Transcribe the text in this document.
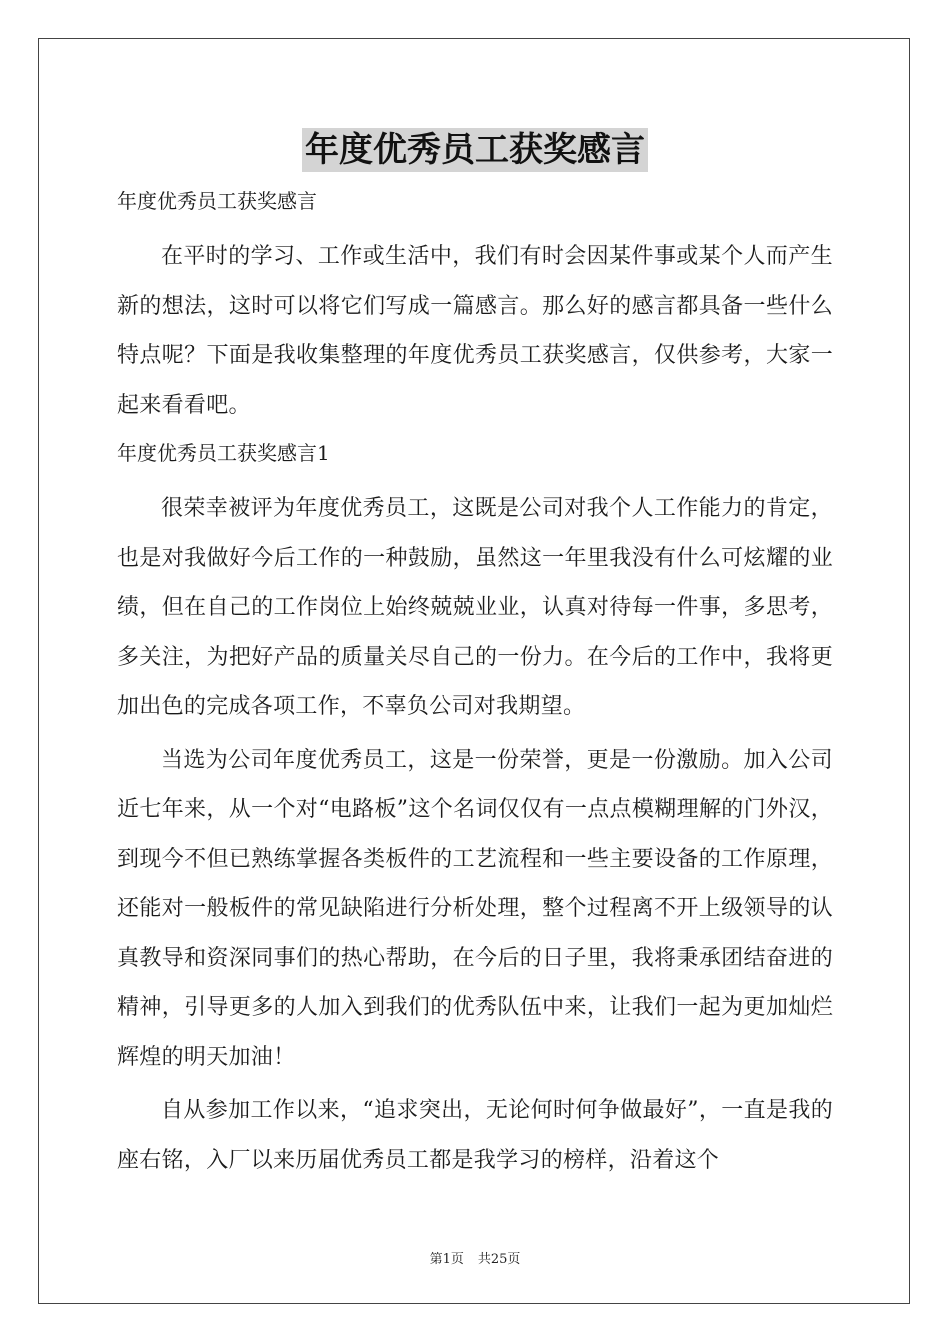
年度优秀员工获奖感言

年度优秀员工获奖感言

在平时的学习、工作或生活中，我们有时会因某件事或某个人而产生新的想法，这时可以将它们写成一篇感言。那么好的感言都具备一些什么特点呢？下面是我收集整理的年度优秀员工获奖感言，仅供参考，大家一起来看看吧。

年度优秀员工获奖感言1

很荣幸被评为年度优秀员工，这既是公司对我个人工作能力的肯定，也是对我做好今后工作的一种鼓励，虽然这一年里我没有什么可炫耀的业绩，但在自己的工作岗位上始终兢兢业业，认真对待每一件事，多思考，多关注，为把好产品的质量关尽自己的一份力。在今后的工作中，我将更加出色的完成各项工作，不辜负公司对我期望。

当选为公司年度优秀员工，这是一份荣誉，更是一份激励。加入公司近七年来，从一个对“电路板”这个名词仅仅有一点点模糊理解的门外汉，到现今不但已熟练掌握各类板件的工艺流程和一些主要设备的工作原理，还能对一般板件的常见缺陷进行分析处理，整个过程离不开上级领导的认真教导和资深同事们的热心帮助，在今后的日子里，我将秉承团结奋进的精神，引导更多的人加入到我们的优秀队伍中来，让我们一起为更加灿烂辉煌的明天加油！

自从参加工作以来，“追求突出，无论何时何争做最好”，一直是我的座右铭，入厂以来历届优秀员工都是我学习的榜样，沿着这个

第1页 共25页
